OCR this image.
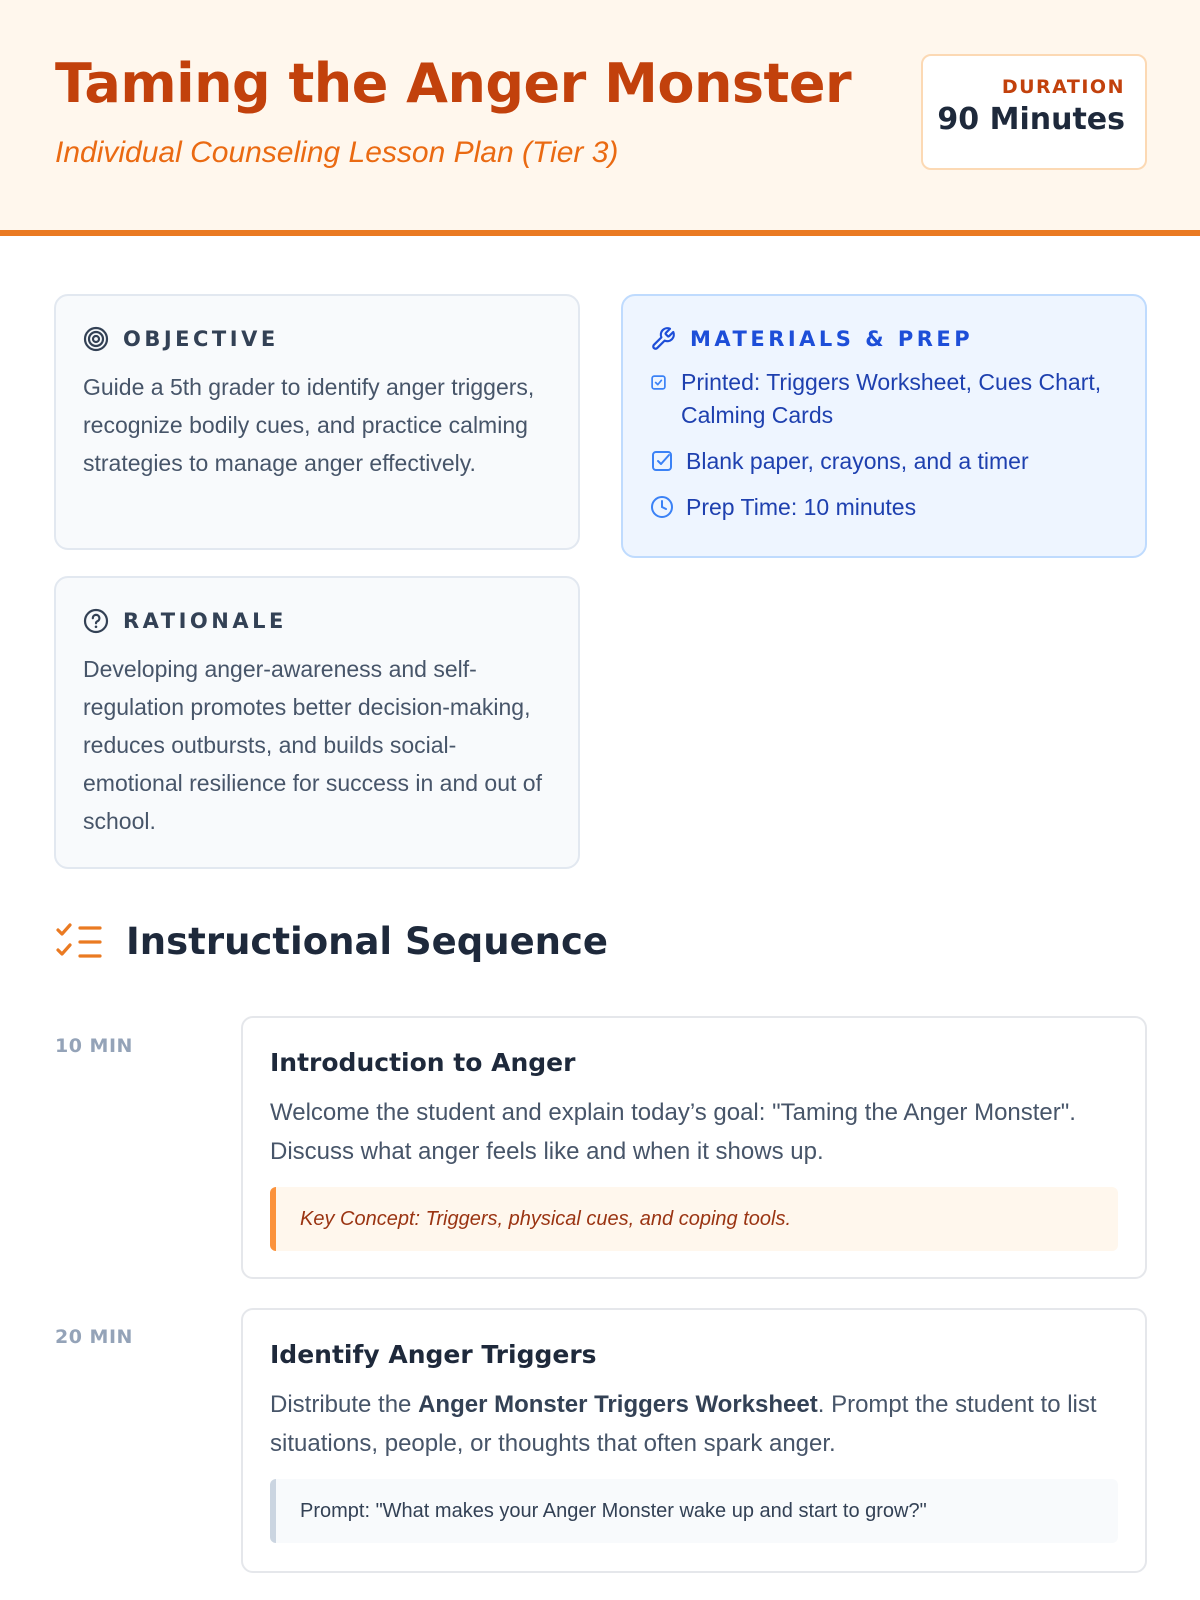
Taming the Anger Monster
Individual Counseling Lesson Plan (Tier 3)
DURATION
90 Minutes
OBJECTIVE
Guide a 5th grader to identify anger triggers, recognize bodily cues, and practice calming strategies to manage anger effectively.
RATIONALE
Developing anger-awareness and self-regulation promotes better decision-making, reduces outbursts, and builds social-emotional resilience for success in and out of school.
MATERIALS & PREP
Printed: Triggers Worksheet, Cues Chart, Calming Cards
Blank paper, crayons, and a timer
Prep Time: 10 minutes
Instructional Sequence
10 MIN
Introduction to Anger
Welcome the student and explain today’s goal: "Taming the Anger Monster". Discuss what anger feels like and when it shows up.
Key Concept: Triggers, physical cues, and coping tools.
20 MIN
Identify Anger Triggers
Distribute the Anger Monster Triggers Worksheet. Prompt the student to list situations, people, or thoughts that often spark anger.
Prompt: "What makes your Anger Monster wake up and start to grow?"
